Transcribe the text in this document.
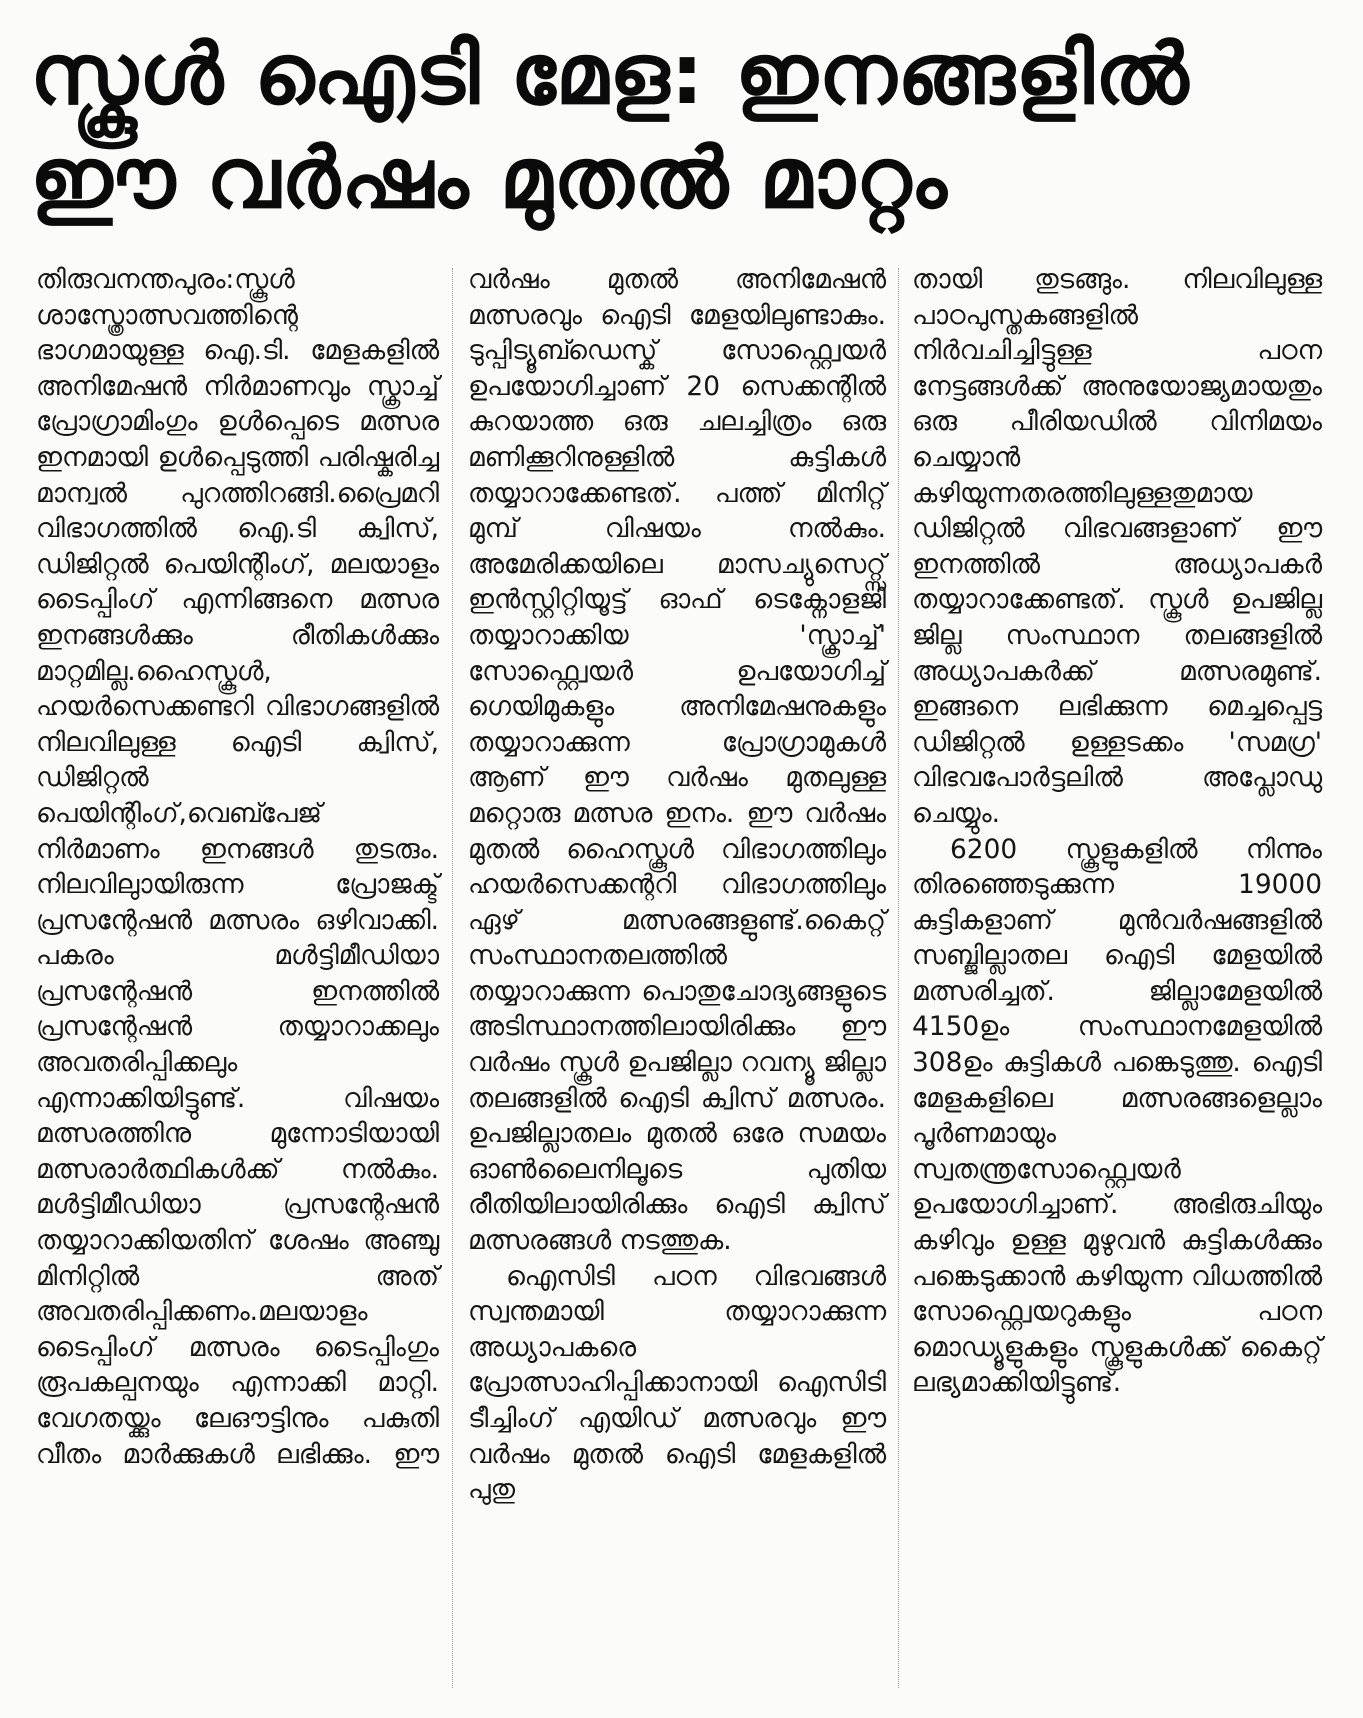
സ്കൂൾ ഐടി മേള: ഇനങ്ങളിൽ
ഈ വർഷം മുതൽ മാറ്റം

തിരുവനന്തപുരം:സ്കൂൾ ശാസ്ത്രോത്സവത്തിന്റെ ഭാഗമായുള്ള ഐ.ടി. മേളകളിൽ അനിമേഷൻ നിർമാണവും സ്ക്രാച്ച് പ്രോഗ്രാമിംഗും ഉൾപ്പെടെ മത്സര ഇനമായി ഉൾപ്പെടുത്തി പരിഷ്കരിച്ച മാന്വൽ പുറത്തിറങ്ങി.പ്രൈമറി വിഭാഗത്തിൽ ഐ.ടി ക്വിസ്, ഡിജിറ്റൽ പെയിന്റിംഗ്, മലയാളം ടൈപ്പിംഗ് എന്നിങ്ങനെ മത്സര ഇനങ്ങൾക്കും രീതികൾക്കും മാറ്റമില്ല.ഹൈസ്കൂൾ, ഹയർസെക്കണ്ടറി വിഭാഗങ്ങളിൽ നിലവിലുള്ള ഐടി ക്വിസ്, ഡിജിറ്റൽ പെയിന്റിംഗ്,വെബ്പേജ് നിർമാണം ഇനങ്ങൾ തുടരും. നിലവിലുായിരുന്ന പ്രോജക്ട് പ്രസന്റേഷൻ മത്സരം ഒഴിവാക്കി. പകരം മൾട്ടിമീഡിയാ പ്രസന്റേഷൻ ഇനത്തിൽ പ്രസന്റേഷൻ തയ്യാറാക്കലും അവതരിപ്പിക്കലും എന്നാക്കിയിട്ടുണ്ട്. വിഷയം മത്സരത്തിനു മുന്നോടിയായി മത്സരാർത്ഥികൾക്ക് നൽകും. മൾട്ടിമീഡിയാ പ്രസന്റേഷൻ തയ്യാറാക്കിയതിന് ശേഷം അഞ്ചു മിനിറ്റിൽ അത് അവതരിപ്പിക്കണം.മലയാളം ടൈപ്പിംഗ് മത്സരം ടൈപ്പിംഗും രൂപകല്പനയും എന്നാക്കി മാറ്റി. വേഗതയ്ക്കും ലേഔട്ടിനും പകുതി വീതം മാർക്കുകൾ ലഭിക്കും. ഈ

വർഷം മുതൽ അനിമേഷൻ മത്സരവും ഐടി മേളയിലുണ്ടാകും. ടുപ്പിട്യൂബ്ഡെസ്ക് സോഫ്റ്റ്വെയർ ഉപയോഗിച്ചാണ് 20 സെക്കന്റിൽ കുറയാത്ത ഒരു ചലച്ചിത്രം ഒരു മണിക്കൂറിനുള്ളിൽ കുട്ടികൾ തയ്യാറാക്കേണ്ടത്. പത്ത് മിനിറ്റ് മുമ്പ് വിഷയം നൽകും. അമേരിക്കയിലെ മാസച്യുസെറ്റ്സ് ഇൻസ്റ്റിറ്റിയൂട്ട് ഓഫ് ടെക്നോളജി തയ്യാറാക്കിയ 'സ്ക്രാച്ച്' സോഫ്റ്റ്വെയർ ഉപയോഗിച്ച് ഗെയിമുകളും അനിമേഷനുകളും തയ്യാറാക്കുന്ന പ്രോഗ്രാമുകൾ ആണ് ഈ വർഷം മുതലുള്ള മറ്റൊരു മത്സര ഇനം. ഈ വർഷം മുതൽ ഹൈസ്കൂൾ വിഭാഗത്തിലും ഹയർസെക്കന്ററി വിഭാഗത്തിലും ഏഴ് മത്സരങ്ങളുണ്ട്.കൈറ്റ് സംസ്ഥാനതലത്തിൽ തയ്യാറാക്കുന്ന പൊതുചോദ്യങ്ങളുടെ അടിസ്ഥാനത്തിലായിരിക്കും ഈ വർഷം സ്കൂൾ ഉപജില്ലാ റവന്യൂ ജില്ലാ തലങ്ങളിൽ ഐടി ക്വിസ് മത്സരം. ഉപജില്ലാതലം മുതൽ ഒരേ സമയം ഓൺലൈനിലൂടെ പുതിയ രീതിയിലായിരിക്കും ഐടി ക്വിസ് മത്സരങ്ങൾ നടത്തുക.

ഐസിടി പഠന വിഭവങ്ങൾ സ്വന്തമായി തയ്യാറാക്കുന്ന അധ്യാപകരെ പ്രോത്സാഹിപ്പിക്കാനായി ഐസിടി ടീച്ചിംഗ് എയിഡ് മത്സരവും ഈ വർഷം മുതൽ ഐടി മേളകളിൽ പുതു

തായി തുടങ്ങും. നിലവിലുള്ള പാഠപുസ്തകങ്ങളിൽ നിർവചിച്ചിട്ടുള്ള പഠന നേട്ടങ്ങൾക്ക് അനുയോജ്യമായതും ഒരു പീരിയഡിൽ വിനിമയം ചെയ്യാൻ കഴിയുന്നതരത്തിലുള്ളതുമായ ഡിജിറ്റൽ വിഭവങ്ങളാണ് ഈ ഇനത്തിൽ അധ്യാപകർ തയ്യാറാക്കേണ്ടത്. സ്കൂൾ ഉപജില്ല ജില്ല സംസ്ഥാന തലങ്ങളിൽ അധ്യാപകർക്ക് മത്സരമുണ്ട്. ഇങ്ങനെ ലഭിക്കുന്ന മെച്ചപ്പെട്ട ഡിജിറ്റൽ ഉള്ളടക്കം 'സമഗ്ര' വിഭവപോർട്ടലിൽ അപ്ലോഡു ചെയ്യും.

6200 സ്കൂളുകളിൽ നിന്നും തിരഞ്ഞെടുക്കുന്ന 19000 കുട്ടികളാണ് മുൻവർഷങ്ങളിൽ സബ്ജില്ലാതല ഐടി മേളയിൽ മത്സരിച്ചത്. ജില്ലാമേളയിൽ 4150ഉം സംസ്ഥാനമേളയിൽ 308ഉം കുട്ടികൾ പങ്കെടുത്തു. ഐടി മേളകളിലെ മത്സരങ്ങളെല്ലാം പൂർണമായും സ്വതന്ത്രസോഫ്റ്റ്വെയർ ഉപയോഗിച്ചാണ്. അഭിരുചിയും കഴിവും ഉള്ള മുഴുവൻ കുട്ടികൾക്കും പങ്കെടുക്കാൻ കഴിയുന്ന വിധത്തിൽ സോഫ്റ്റ്വെയറുകളും പഠന മൊഡ്യൂളുകളും സ്കൂളുകൾക്ക് കൈറ്റ് ലഭ്യമാക്കിയിട്ടുണ്ട്.
